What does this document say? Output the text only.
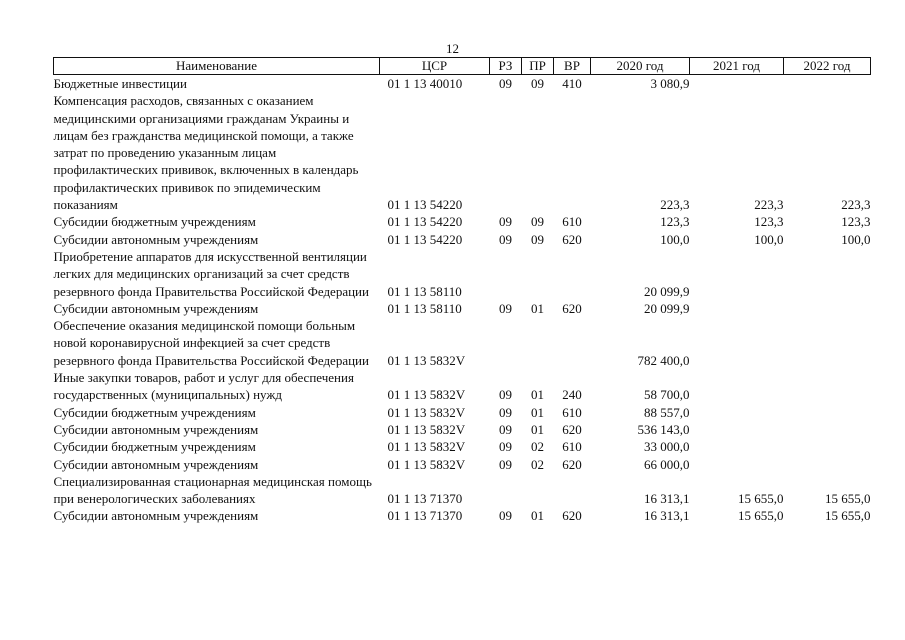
12
Наименование	ЦСР	РЗ	ПР	ВР	2020 год	2021 год	2022 год
Бюджетные инвестиции	01 1 13 40010	09	09	410	3 080,9		
Компенсация расходов, связанных с оказанием медицинскими организациями гражданам Украины и лицам без гражданства медицинской помощи, а также затрат по проведению указанным лицам профилактических прививок, включенных в календарь профилактических прививок по эпидемическим показаниям	01 1 13 54220				223,3	223,3	223,3
Субсидии бюджетным учреждениям	01 1 13 54220	09	09	610	123,3	123,3	123,3
Субсидии автономным учреждениям	01 1 13 54220	09	09	620	100,0	100,0	100,0
Приобретение аппаратов для искусственной вентиляции легких для медицинских организаций за счет средств резервного фонда Правительства Российской Федерации	01 1 13 58110				20 099,9		
Субсидии автономным учреждениям	01 1 13 58110	09	01	620	20 099,9		
Обеспечение оказания медицинской помощи больным новой коронавирусной инфекцией за счет средств резервного фонда Правительства Российской Федерации	01 1 13 5832V				782 400,0		
Иные закупки товаров, работ и услуг для обеспечения государственных (муниципальных) нужд	01 1 13 5832V	09	01	240	58 700,0		
Субсидии бюджетным учреждениям	01 1 13 5832V	09	01	610	88 557,0		
Субсидии автономным учреждениям	01 1 13 5832V	09	01	620	536 143,0		
Субсидии бюджетным учреждениям	01 1 13 5832V	09	02	610	33 000,0		
Субсидии автономным учреждениям	01 1 13 5832V	09	02	620	66 000,0		
Специализированная стационарная медицинская помощь при венерологических заболеваниях	01 1 13 71370				16 313,1	15 655,0	15 655,0
Субсидии автономным учреждениям	01 1 13 71370	09	01	620	16 313,1	15 655,0	15 655,0
